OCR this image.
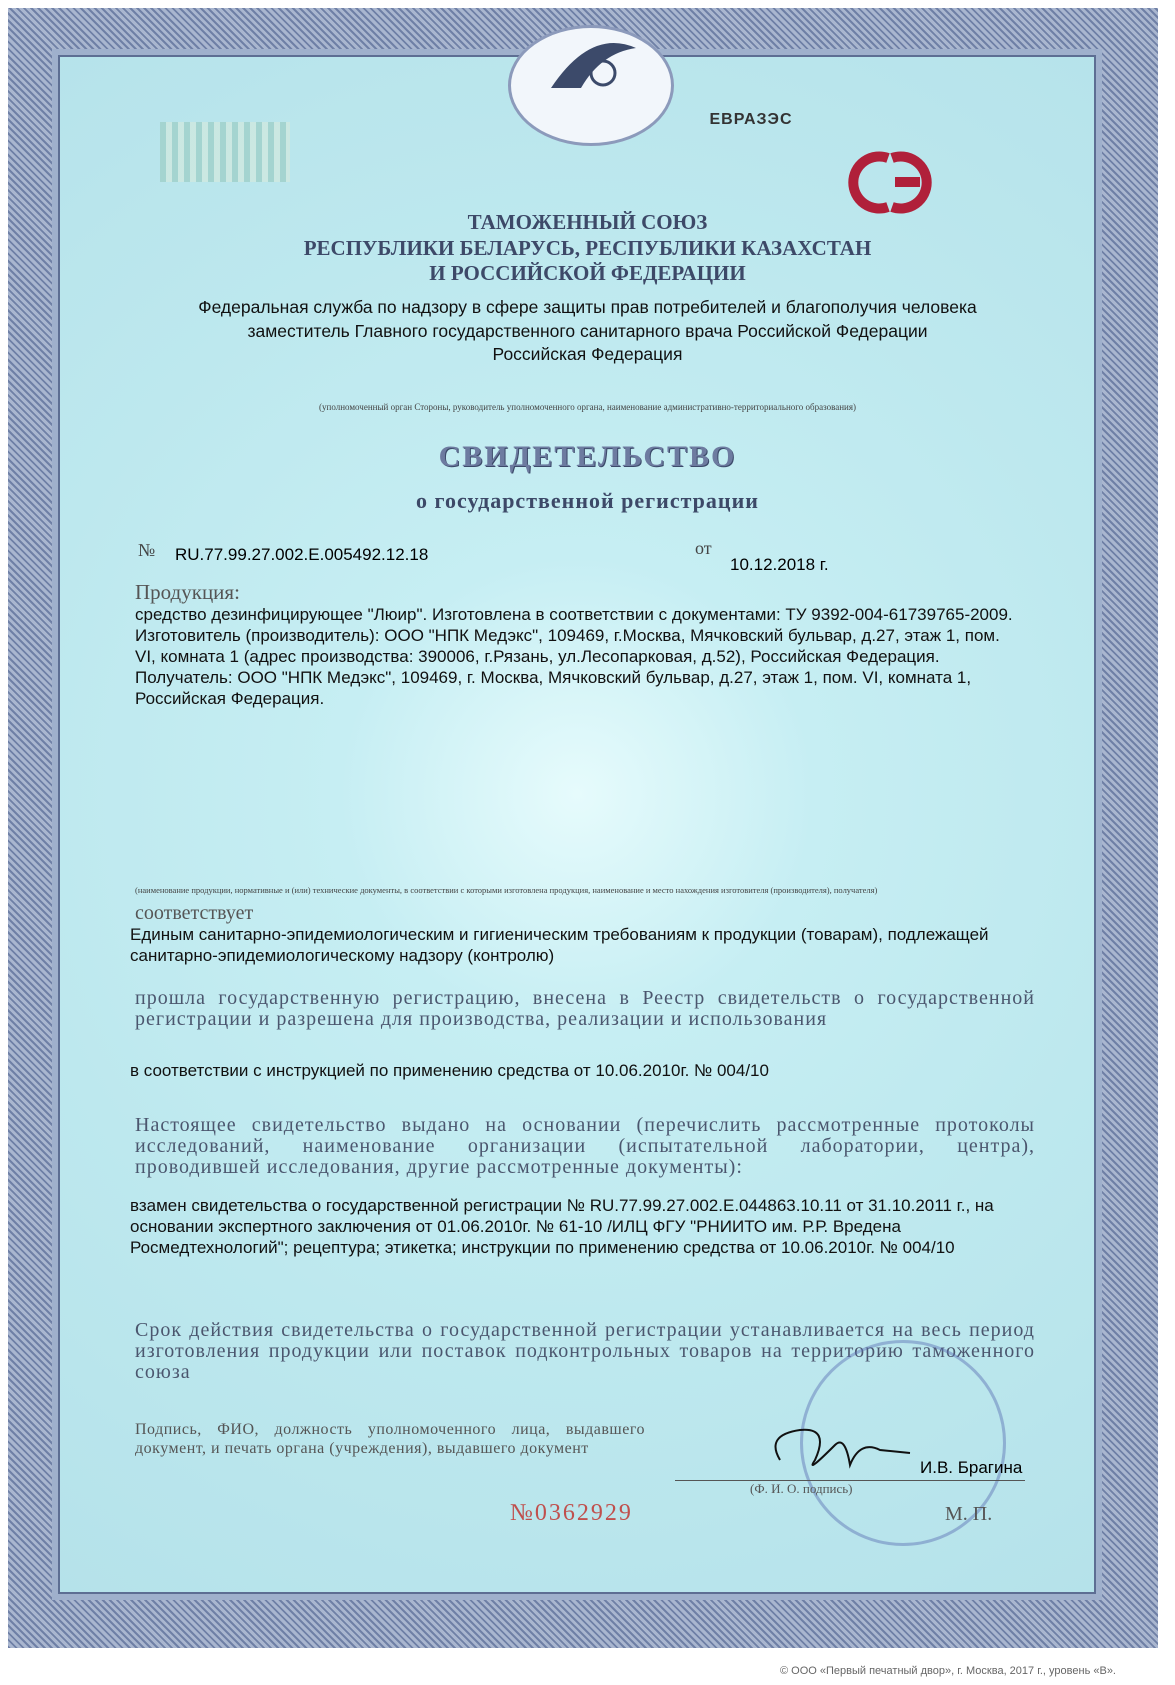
ЕВРАЗЭС
ТАМОЖЕННЫЙ СОЮЗ
РЕСПУБЛИКИ БЕЛАРУСЬ, РЕСПУБЛИКИ КАЗАХСТАН
И РОССИЙСКОЙ ФЕДЕРАЦИИ
Федеральная служба по надзору в сфере защиты прав потребителей и благополучия человека
заместитель Главного государственного санитарного врача Российской Федерации
Российская Федерация
(уполномоченный орган Стороны, руководитель уполномоченного органа, наименование административно-территориального образования)
СВИДЕТЕЛЬСТВО
о государственной регистрации
№ RU.77.99.27.002.Е.005492.12.18	от
10.12.2018 г.
Продукция:
средство дезинфицирующее "Люир". Изготовлена в соответствии с документами: ТУ 9392-004-61739765-2009. Изготовитель (производитель): ООО "НПК Медэкс", 109469, г.Москва, Мячковский бульвар, д.27, этаж 1, пом. VI, комната 1 (адрес производства: 390006, г.Рязань, ул.Лесопарковая, д.52), Российская Федерация. Получатель: ООО "НПК Медэкс", 109469, г. Москва, Мячковский бульвар, д.27, этаж 1, пом. VI, комната 1, Российская Федерация.
(наименование продукции, нормативные и (или) технические документы, в соответствии с которыми изготовлена продукция, наименование и место нахождения изготовителя (производителя), получателя)
соответствует
Единым санитарно-эпидемиологическим и гигиеническим требованиям к продукции (товарам), подлежащей санитарно-эпидемиологическому надзору (контролю)
прошла государственную регистрацию, внесена в Реестр свидетельств о государственной регистрации и разрешена для производства, реализации и использования
в соответствии с инструкцией по применению средства от 10.06.2010г. № 004/10
Настоящее свидетельство выдано на основании (перечислить рассмотренные протоколы исследований, наименование организации (испытательной лаборатории, центра), проводившей исследования, другие рассмотренные документы):
взамен свидетельства о государственной регистрации № RU.77.99.27.002.Е.044863.10.11 от 31.10.2011 г., на основании экспертного заключения от 01.06.2010г. № 61-10 /ИЛЦ ФГУ "РНИИТО им. Р.Р. Вредена Росмедтехнологий"; рецептура; этикетка; инструкции по применению средства от 10.06.2010г. № 004/10
Срок действия свидетельства о государственной регистрации устанавливается на весь период изготовления продукции или поставок подконтрольных товаров на территорию таможенного союза
Подпись, ФИО, должность уполномоченного лица, выдавшего документ, и печать органа (учреждения), выдавшего документ
И.В. Брагина
(Ф. И. О. подпись)
№0362929	М. П.
© ООО «Первый печатный двор», г. Москва, 2017 г., уровень «В».
